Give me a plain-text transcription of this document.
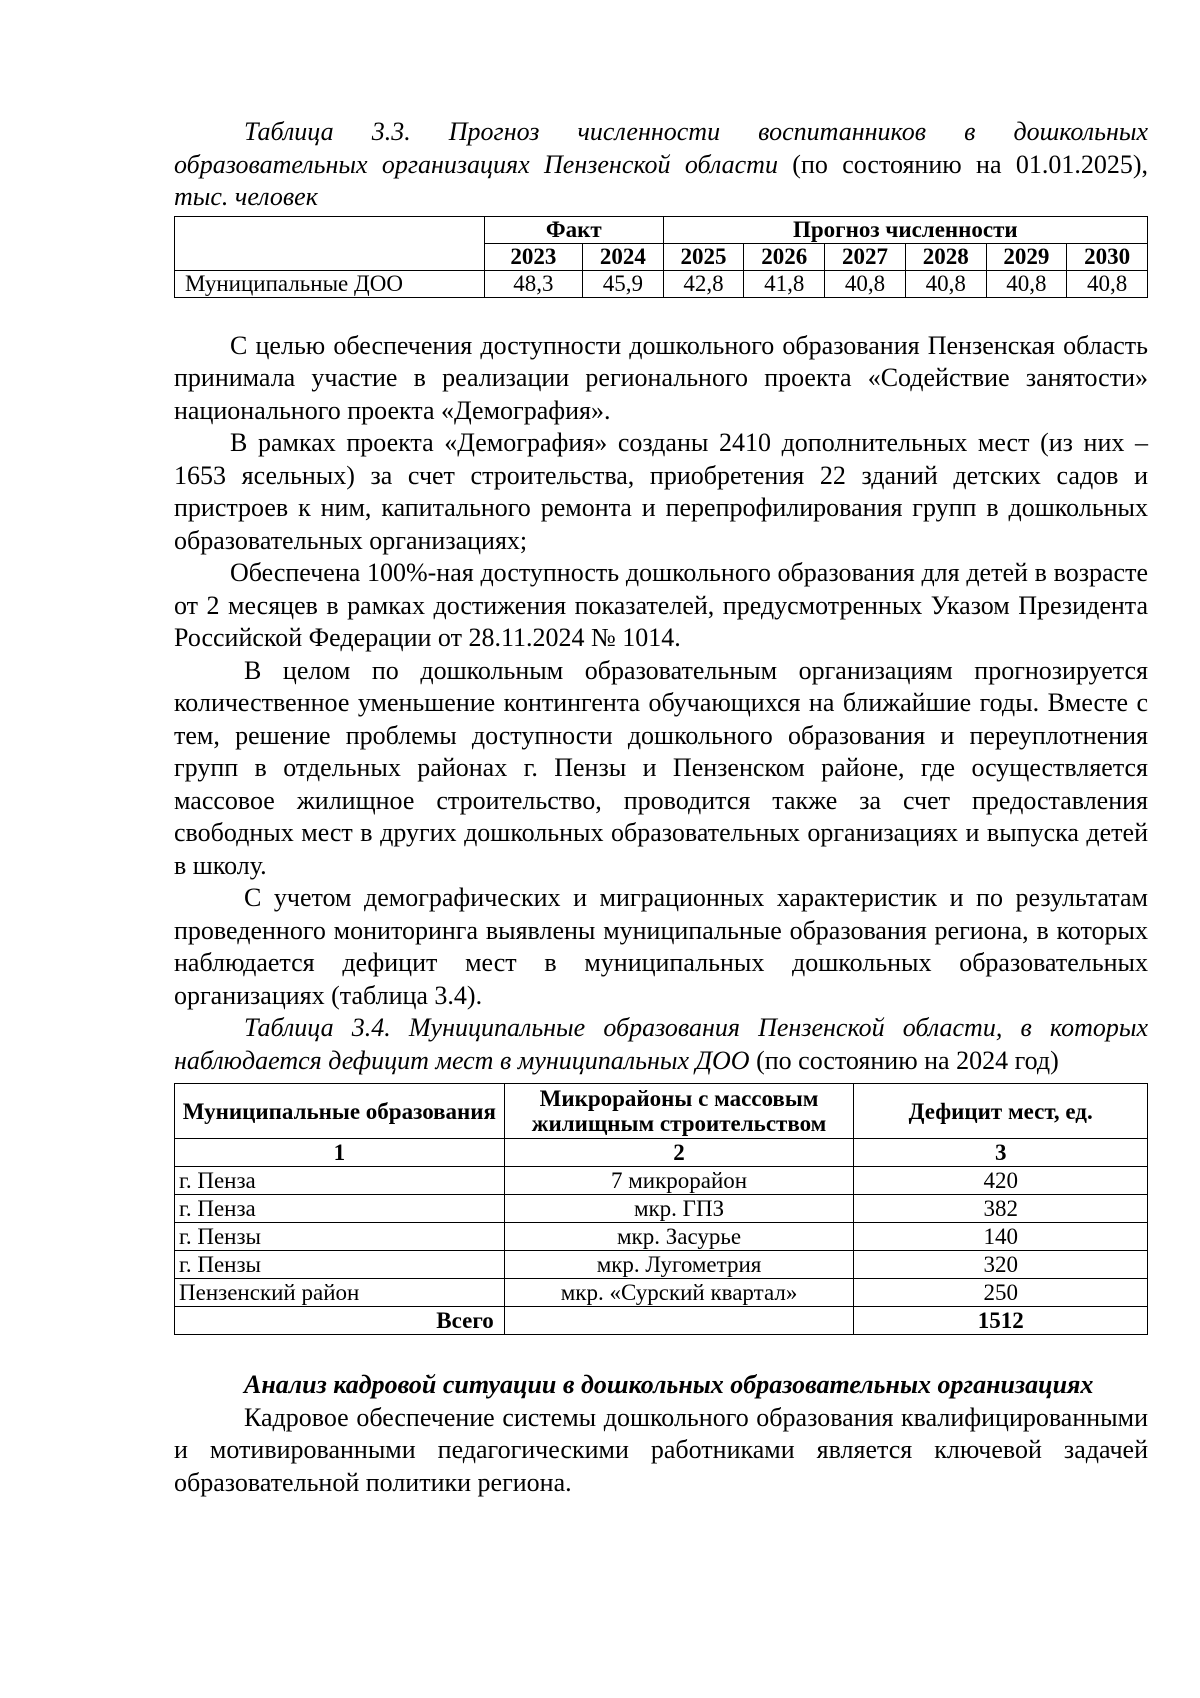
Таблица 3.3. Прогноз численности воспитанников в дошкольных образовательных организациях Пензенской области (по состоянию на 01.01.2025), тыс. человек

	Факт		Прогноз численности					
	2023	2024	2025	2026	2027	2028	2029	2030
Муниципальные ДОО	48,3	45,9	42,8	41,8	40,8	40,8	40,8	40,8

С целью обеспечения доступности дошкольного образования Пензенская область принимала участие в реализации регионального проекта «Содействие занятости» национального проекта «Демография».

В рамках проекта «Демография» созданы 2410 дополнительных мест (из них – 1653 ясельных) за счет строительства, приобретения 22 зданий детских садов и пристроев к ним, капитального ремонта и перепрофилирования групп в дошкольных образовательных организациях;

Обеспечена 100%-ная доступность дошкольного образования для детей в возрасте от 2 месяцев в рамках достижения показателей, предусмотренных Указом Президента Российской Федерации от 28.11.2024 № 1014.

В целом по дошкольным образовательным организациям прогнозируется количественное уменьшение контингента обучающихся на ближайшие годы. Вместе с тем, решение проблемы доступности дошкольного образования и переуплотнения групп в отдельных районах г. Пензы и Пензенском районе, где осуществляется массовое жилищное строительство, проводится также за счет предоставления свободных мест в других дошкольных образовательных организациях и выпуска детей в школу.

С учетом демографических и миграционных характеристик и по результатам проведенного мониторинга выявлены муниципальные образования региона, в которых наблюдается дефицит мест в муниципальных дошкольных образовательных организациях (таблица 3.4).

Таблица 3.4. Муниципальные образования Пензенской области, в которых наблюдается дефицит мест в муниципальных ДОО (по состоянию на 2024 год)

Муниципальные образования	Микрорайоны с массовым жилищным строительством	Дефицит мест, ед.
1	2	3
г. Пенза	7 микрорайон	420
г. Пенза	мкр. ГПЗ	382
г. Пензы	мкр. Засурье	140
г. Пензы	мкр. Лугометрия	320
Пензенский район	мкр. «Сурский квартал»	250
Всего		1512

Анализ кадровой ситуации в дошкольных образовательных организациях

Кадровое обеспечение системы дошкольного образования квалифицированными и мотивированными педагогическими работниками является ключевой задачей образовательной политики региона.
